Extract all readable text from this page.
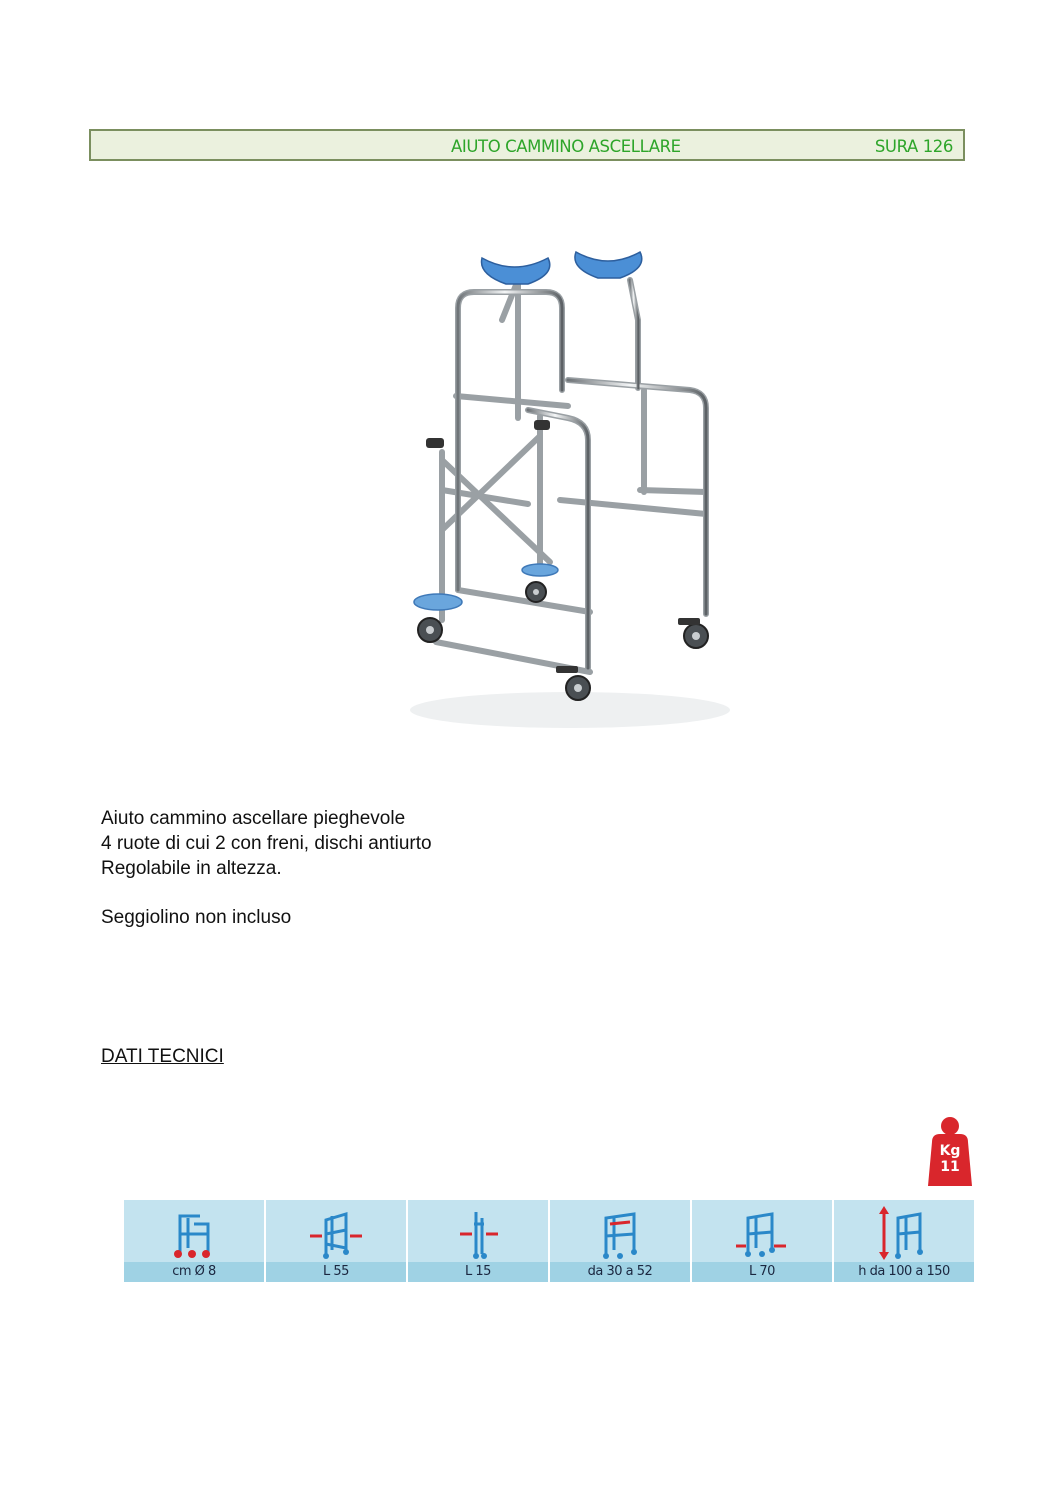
AIUTO CAMMINO ASCELLARE	SURA 126

Aiuto cammino ascellare pieghevole

4 ruote di cui 2 con freni, dischi antiurto

Regolabile in altezza.

Seggiolino non incluso

DATI TECNICI
Kg
11
cm Ø 8	L 55	L 15	da 30 a 52	L 70	h da 100 a 150
